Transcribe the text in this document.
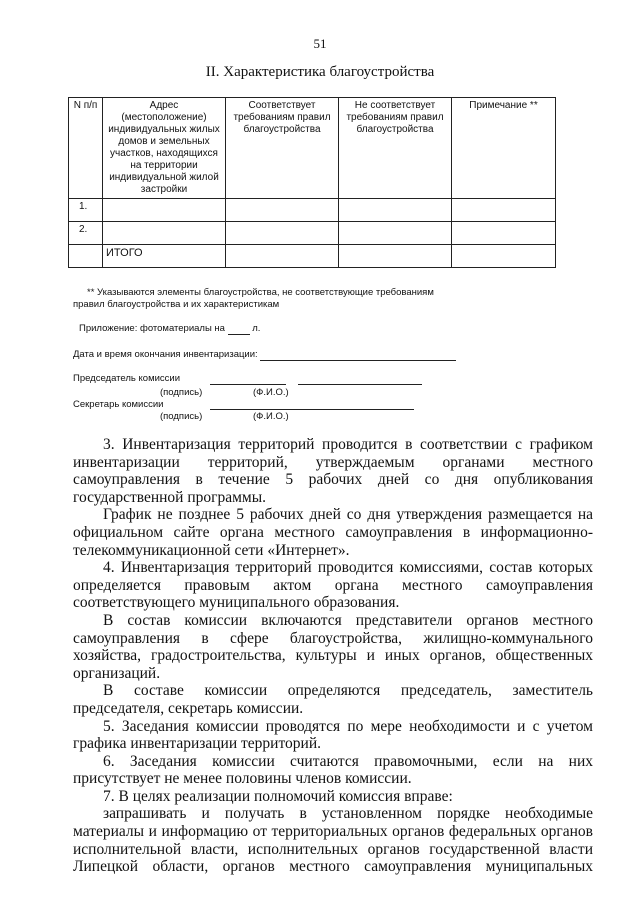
51
II. Характеристика благоустройства
N п/п	Адрес (местоположение) индивидуальных жилых домов и земельных участков, находящихся на территории индивидуальной жилой застройки	Соответствует требованиям правил благоустройства	Не соответствует требованиям правил благоустройства	Примечание **
1.				
2.				
	ИТОГО			
** Указываются элементы благоустройства, не соответствующие требованиям
правил благоустройства и их характеристикам
Приложение: фотоматериалы на	л.
Дата и время окончания инвентаризации:
Председатель комиссии
(подпись)	(Ф.И.О.)
Секретарь комиссии
(подпись)	(Ф.И.О.)

3. Инвентаризация территорий проводится в соответствии с графиком инвентаризации территорий, утверждаемым органами местного самоуправления в течение 5 рабочих дней со дня опубликования государственной программы.

График не позднее 5 рабочих дней со дня утверждения размещается на официальном сайте органа местного самоуправления в информационно-телекоммуникационной сети «Интернет».

4. Инвентаризация территорий проводится комиссиями, состав которых определяется правовым актом органа местного самоуправления соответствующего муниципального образования.

В состав комиссии включаются представители органов местного самоуправления в сфере благоустройства, жилищно-коммунального хозяйства, градостроительства, культуры и иных органов, общественных организаций.

В составе комиссии определяются председатель, заместитель председателя, секретарь комиссии.

5. Заседания комиссии проводятся по мере необходимости и с учетом графика инвентаризации территорий.

6. Заседания комиссии считаются правомочными, если на них присутствует не менее половины членов комиссии.

7. В целях реализации полномочий комиссия вправе:

запрашивать и получать в установленном порядке необходимые материалы и информацию от территориальных органов федеральных органов исполнительной власти, исполнительных органов государственной власти Липецкой области, органов местного самоуправления муниципальных
